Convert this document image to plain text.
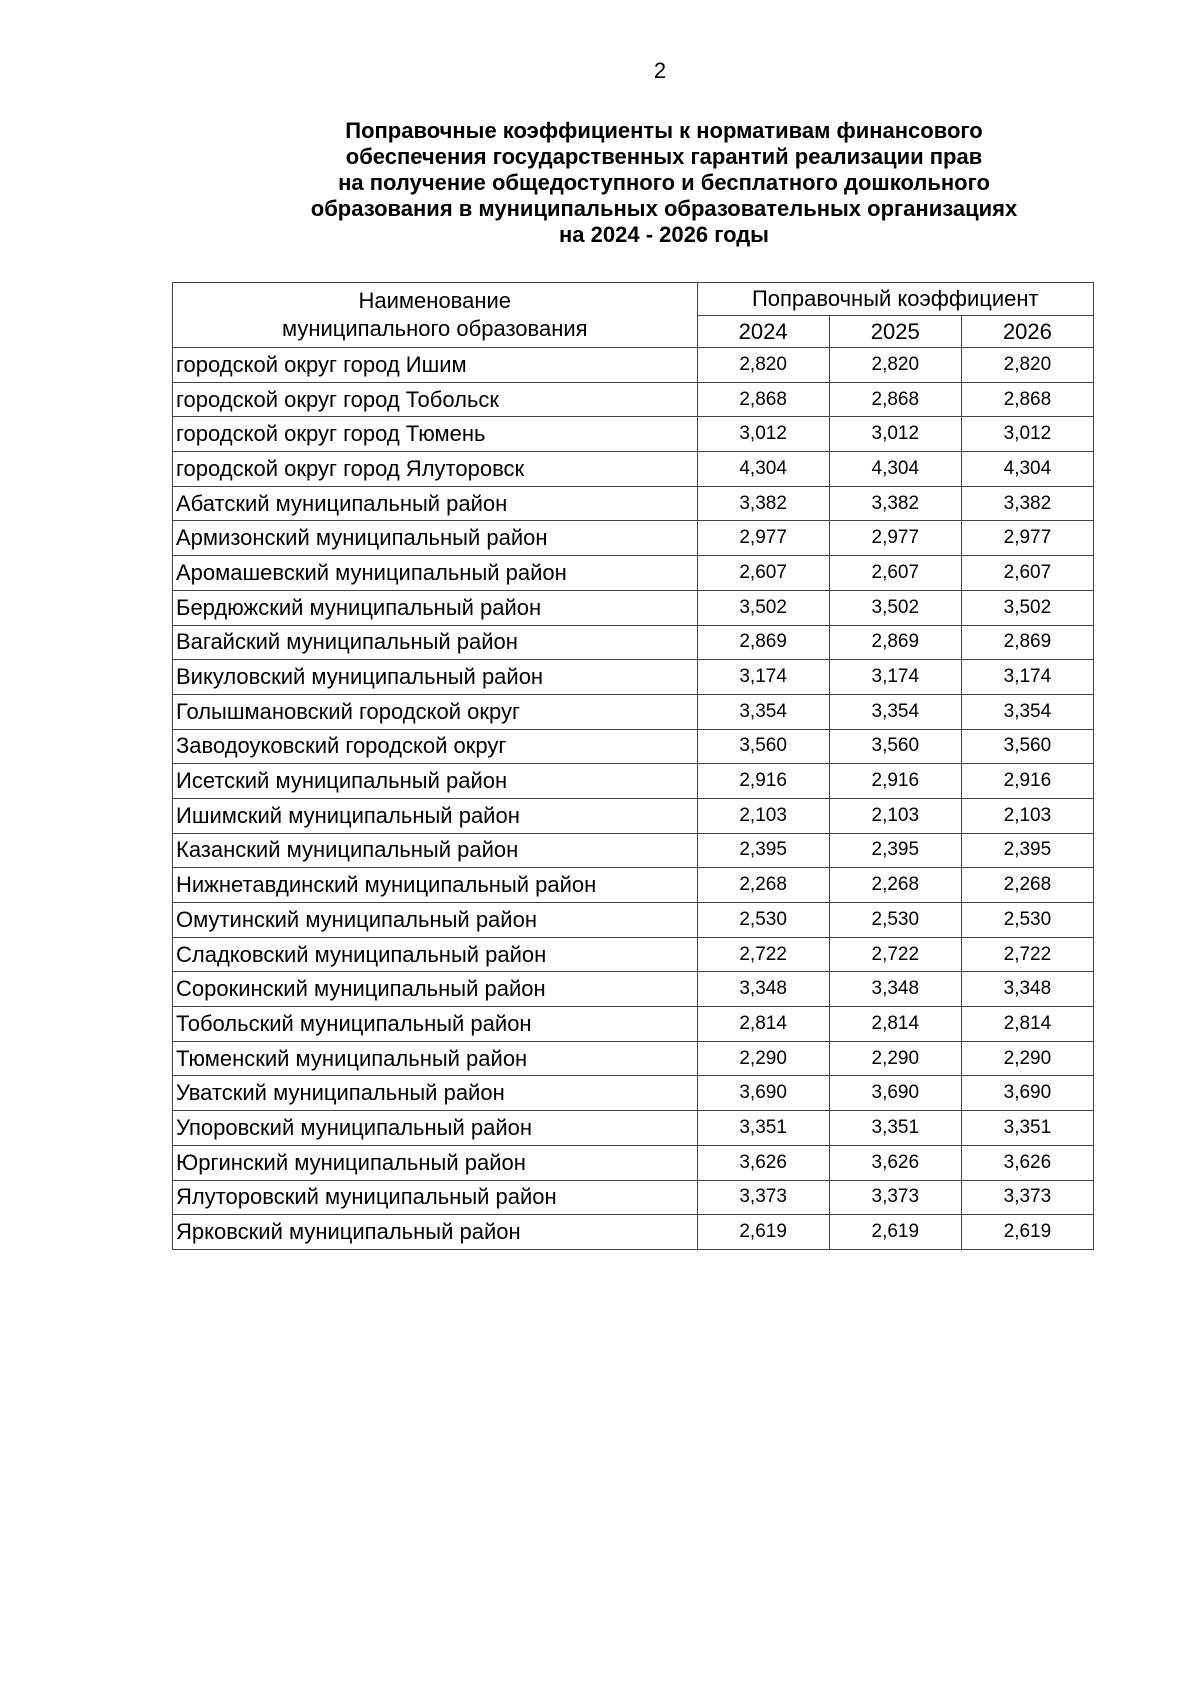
2
Поправочные коэффициенты к нормативам финансового
обеспечения государственных гарантий реализации прав
на получение общедоступного и бесплатного дошкольного
образования в муниципальных образовательных организациях
на 2024 - 2026 годы
Наименование
муниципального образования	Поправочный коэффициент		
	2024	2025	2026
городской округ город Ишим	2,820	2,820	2,820
городской округ город Тобольск	2,868	2,868	2,868
городской округ город Тюмень	3,012	3,012	3,012
городской округ город Ялуторовск	4,304	4,304	4,304
Абатский муниципальный район	3,382	3,382	3,382
Армизонский муниципальный район	2,977	2,977	2,977
Аромашевский муниципальный район	2,607	2,607	2,607
Бердюжский муниципальный район	3,502	3,502	3,502
Вагайский муниципальный район	2,869	2,869	2,869
Викуловский муниципальный район	3,174	3,174	3,174
Голышмановский городской округ	3,354	3,354	3,354
Заводоуковский городской округ	3,560	3,560	3,560
Исетский муниципальный район	2,916	2,916	2,916
Ишимский муниципальный район	2,103	2,103	2,103
Казанский муниципальный район	2,395	2,395	2,395
Нижнетавдинский муниципальный район	2,268	2,268	2,268
Омутинский муниципальный район	2,530	2,530	2,530
Сладковский муниципальный район	2,722	2,722	2,722
Сорокинский муниципальный район	3,348	3,348	3,348
Тобольский муниципальный район	2,814	2,814	2,814
Тюменский муниципальный район	2,290	2,290	2,290
Уватский муниципальный район	3,690	3,690	3,690
Упоровский муниципальный район	3,351	3,351	3,351
Юргинский муниципальный район	3,626	3,626	3,626
Ялуторовский муниципальный район	3,373	3,373	3,373
Ярковский муниципальный район	2,619	2,619	2,619
